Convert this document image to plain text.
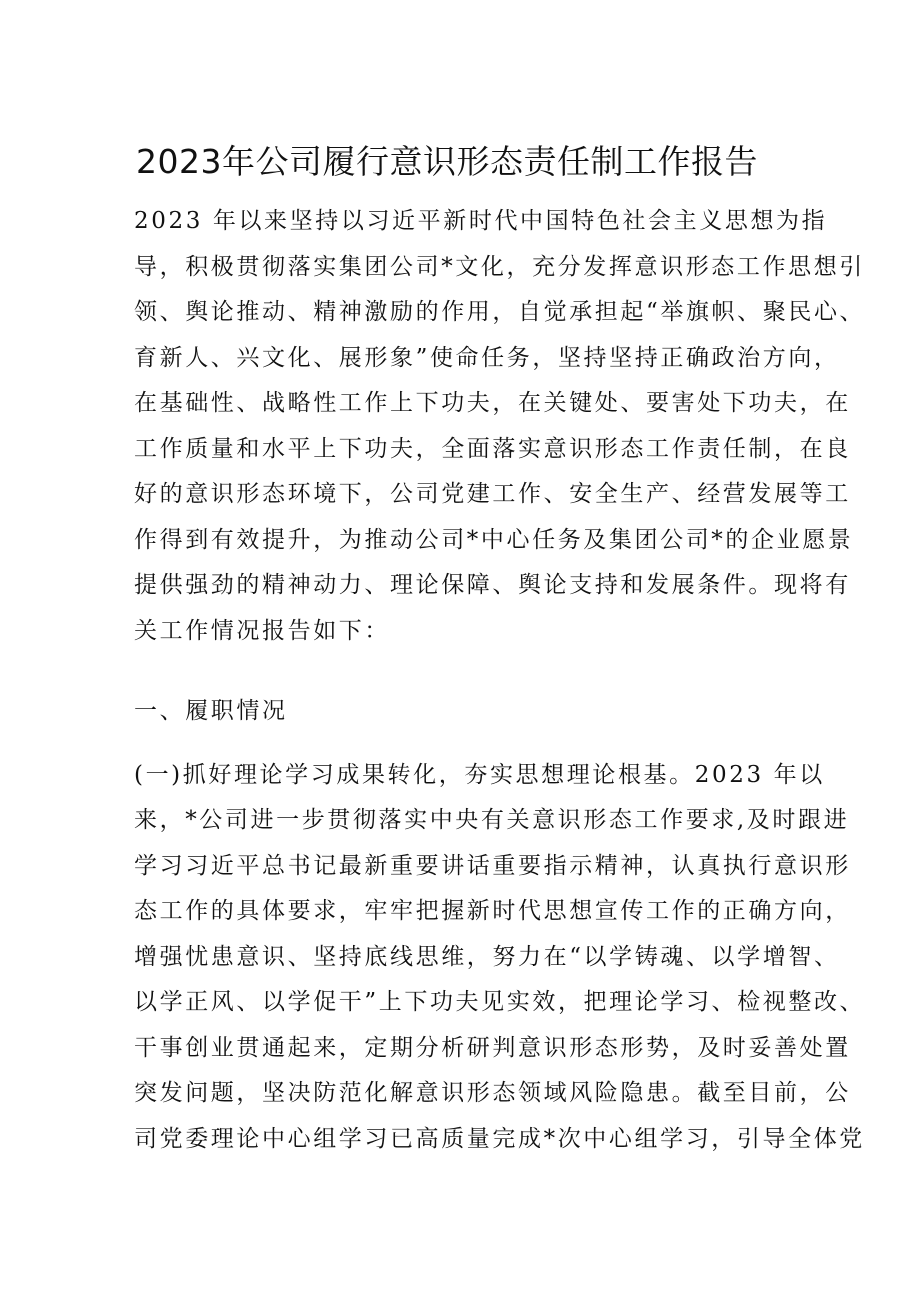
2023年公司履行意识形态责任制工作报告
2023 年以来坚持以习近平新时代中国特色社会主义思想为指
导，积极贯彻落实集团公司*文化，充分发挥意识形态工作思想引
领、舆论推动、精神激励的作用，自觉承担起“举旗帜、聚民心、
育新人、兴文化、展形象”使命任务，坚持坚持正确政治方向，
在基础性、战略性工作上下功夫，在关键处、要害处下功夫，在
工作质量和水平上下功夫，全面落实意识形态工作责任制，在良
好的意识形态环境下，公司党建工作、安全生产、经营发展等工
作得到有效提升，为推动公司*中心任务及集团公司*的企业愿景
提供强劲的精神动力、理论保障、舆论支持和发展条件。现将有
关工作情况报告如下：
一、履职情况
(一)抓好理论学习成果转化，夯实思想理论根基。2023 年以
来，*公司进一步贯彻落实中央有关意识形态工作要求,及时跟进
学习习近平总书记最新重要讲话重要指示精神，认真执行意识形
态工作的具体要求，牢牢把握新时代思想宣传工作的正确方向，
增强忧患意识、坚持底线思维，努力在“以学铸魂、以学增智、
以学正风、以学促干”上下功夫见实效，把理论学习、检视整改、
干事创业贯通起来，定期分析研判意识形态形势，及时妥善处置
突发问题，坚决防范化解意识形态领域风险隐患。截至目前，公
司党委理论中心组学习已高质量完成*次中心组学习，引导全体党
